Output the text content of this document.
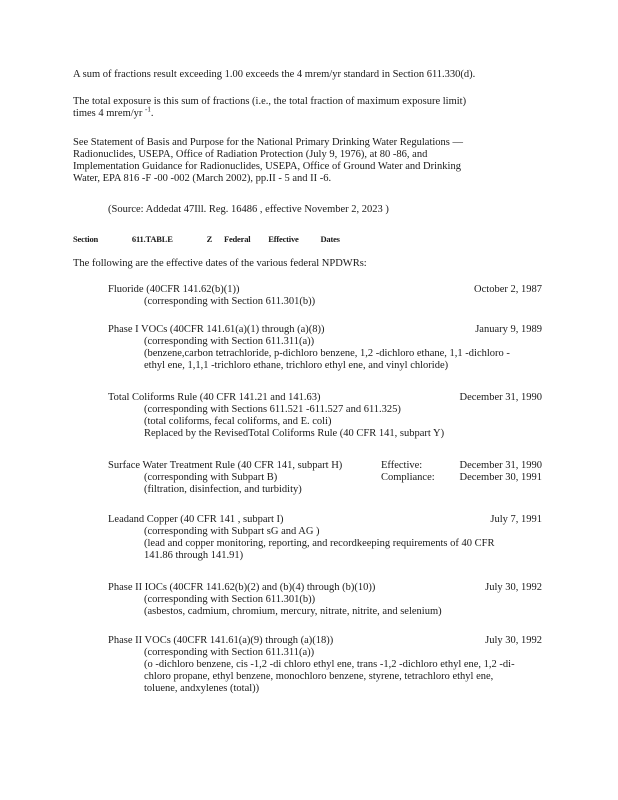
A sum of fractions result exceeding 1.00 exceeds the 4 mrem/yr standard in Section 611.330(d).

The total exposure is this sum of fractions (i.e., the total fraction of maximum exposure limit)
times 4 mrem/yr $^{-1}$.

See Statement of Basis and Purpose for the National Primary Drinking Water Regulations —
Radionuclides, USEPA, Office of Radiation Protection (July 9, 1976), at 80 -86, and
Implementation Guidance for Radionuclides, USEPA, Office of Ground Water and Drinking
Water, EPA 816 -F -00 -002 (March 2002), pp.II - 5 and II -6.

(Source: Addedat 47Ill. Reg. 16486 , effective November 2, 2023 )
Section	611.TABLE	Z Federal Effective	Dates
The following are the effective dates of the various federal NPDWRs:
Fluoride (40CFR 141.62(b)(1))	October 2, 1987
(corresponding with Section 611.301(b))
Phase I VOCs (40CFR 141.61(a)(1) through (a)(8))	January 9, 1989
(corresponding with Section 611.311(a))
(benzene,carbon tetrachloride, p-dichloro benzene, 1,2 -dichloro ethane, 1,1 -dichloro -
ethyl ene, 1,1,1 -trichloro ethane, trichloro ethyl ene, and vinyl chloride)
Total Coliforms Rule (40 CFR 141.21 and 141.63)	December 31, 1990
(corresponding with Sections 611.521 -611.527 and 611.325)
(total coliforms, fecal coliforms, and E. coli)
Replaced by the RevisedTotal Coliforms Rule (40 CFR 141, subpart Y)
Surface Water Treatment Rule (40 CFR 141, subpart H)	Effective:	December 31, 1990
(corresponding with Subpart B)	Compliance: December 30, 1991
(filtration, disinfection, and turbidity)
Leadand Copper (40 CFR 141 , subpart I)	July 7, 1991
(corresponding with Subpart sG and AG )
(lead and copper monitoring, reporting, and recordkeeping requirements of 40 CFR
141.86 through 141.91)
Phase II IOCs (40CFR 141.62(b)(2) and (b)(4) through (b)(10))	July 30, 1992
(corresponding with Section 611.301(b))
(asbestos, cadmium, chromium, mercury, nitrate, nitrite, and selenium)
Phase II VOCs (40CFR 141.61(a)(9) through (a)(18))	July 30, 1992
(corresponding with Section 611.311(a))
(o -dichloro benzene, cis -1,2 -di chloro ethyl ene, trans -1,2 -dichloro ethyl ene, 1,2 -di-
chloro propane, ethyl benzene, monochloro benzene, styrene, tetrachloro ethyl ene,
toluene, andxylenes (total))
